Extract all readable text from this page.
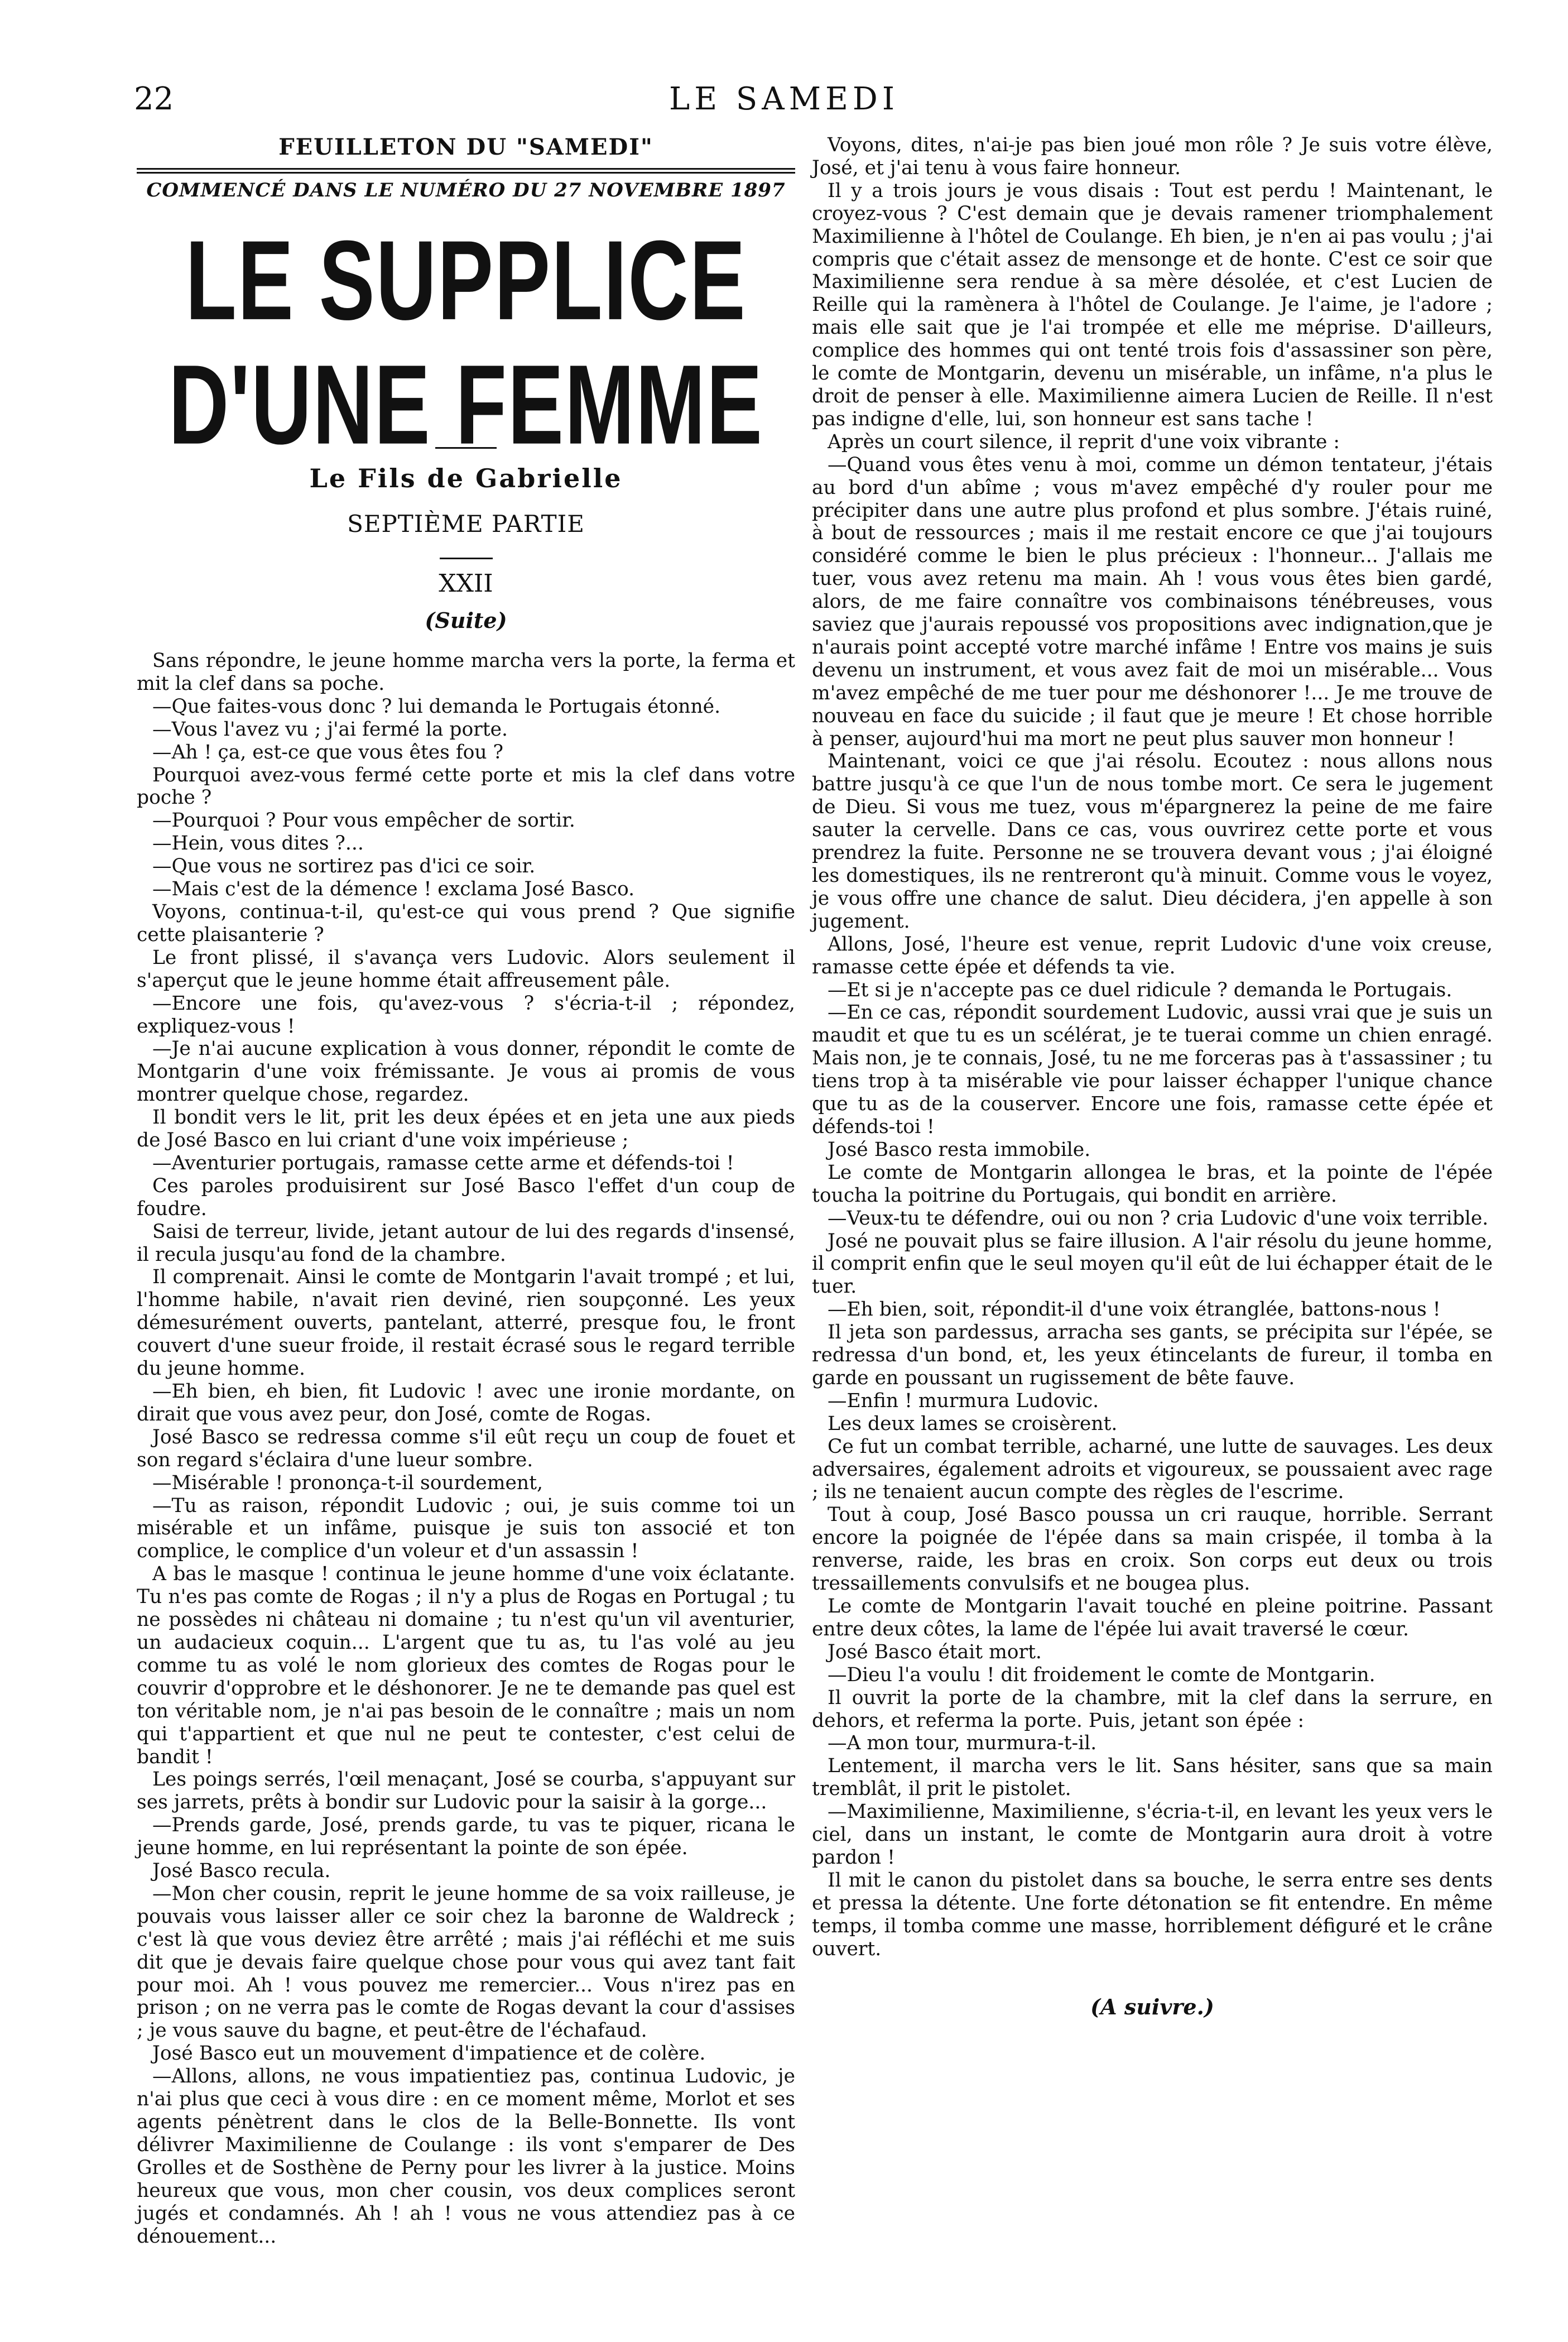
22	LE SAMEDI
FEUILLETON DU "SAMEDI"
COMMENCÉ DANS LE NUMÉRO DU 27 NOVEMBRE 1897
LE SUPPLICE D'UNE FEMME
Le Fils de Gabrielle
SEPTIÈME PARTIE
XXII
(Suite)

Sans répondre, le jeune homme marcha vers la porte, la ferma et mit la clef dans sa poche.

—Que faites-vous donc ? lui demanda le Portugais étonné.

—Vous l'avez vu ; j'ai fermé la porte.

—Ah ! ça, est-ce que vous êtes fou ?

Pourquoi avez-vous fermé cette porte et mis la clef dans votre poche ?

—Pourquoi ? Pour vous empêcher de sortir.

—Hein, vous dites ?...

—Que vous ne sortirez pas d'ici ce soir.

—Mais c'est de la démence ! exclama José Basco.

Voyons, continua-t-il, qu'est-ce qui vous prend ? Que signifie cette plaisanterie ?

Le front plissé, il s'avança vers Ludovic. Alors seulement il s'aperçut que le jeune homme était affreusement pâle.

—Encore une fois, qu'avez-vous ? s'écria-t-il ; répondez, expliquez-vous !

—Je n'ai aucune explication à vous donner, répondit le comte de Montgarin d'une voix frémissante. Je vous ai promis de vous montrer quelque chose, regardez.

Il bondit vers le lit, prit les deux épées et en jeta une aux pieds de José Basco en lui criant d'une voix impérieuse ;

—Aventurier portugais, ramasse cette arme et défends-toi !

Ces paroles produisirent sur José Basco l'effet d'un coup de foudre.

Saisi de terreur, livide, jetant autour de lui des regards d'insensé, il recula jusqu'au fond de la chambre.

Il comprenait. Ainsi le comte de Montgarin l'avait trompé ; et lui, l'homme habile, n'avait rien deviné, rien soupçonné. Les yeux démesurément ouverts, pantelant, atterré, presque fou, le front couvert d'une sueur froide, il restait écrasé sous le regard terrible du jeune homme.

—Eh bien, eh bien, fit Ludovic ! avec une ironie mordante, on dirait que vous avez peur, don José, comte de Rogas.

José Basco se redressa comme s'il eût reçu un coup de fouet et son regard s'éclaira d'une lueur sombre.

—Misérable ! prononça-t-il sourdement,

—Tu as raison, répondit Ludovic ; oui, je suis comme toi un misérable et un infâme, puisque je suis ton associé et ton complice, le complice d'un voleur et d'un assassin !

A bas le masque ! continua le jeune homme d'une voix éclatante. Tu n'es pas comte de Rogas ; il n'y a plus de Rogas en Portugal ; tu ne possèdes ni château ni domaine ; tu n'est qu'un vil aventurier, un audacieux coquin... L'argent que tu as, tu l'as volé au jeu comme tu as volé le nom glorieux des comtes de Rogas pour le couvrir d'opprobre et le déshonorer. Je ne te demande pas quel est ton véritable nom, je n'ai pas besoin de le connaître ; mais un nom qui t'appartient et que nul ne peut te contester, c'est celui de bandit !

Les poings serrés, l'œil menaçant, José se courba, s'appuyant sur ses jarrets, prêts à bondir sur Ludovic pour la saisir à la gorge...

—Prends garde, José, prends garde, tu vas te piquer, ricana le jeune homme, en lui représentant la pointe de son épée.

José Basco recula.

—Mon cher cousin, reprit le jeune homme de sa voix railleuse, je pouvais vous laisser aller ce soir chez la baronne de Waldreck ; c'est là que vous deviez être arrêté ; mais j'ai réfléchi et me suis dit que je devais faire quelque chose pour vous qui avez tant fait pour moi. Ah ! vous pouvez me remercier... Vous n'irez pas en prison ; on ne verra pas le comte de Rogas devant la cour d'assises ; je vous sauve du bagne, et peut-être de l'échafaud.

José Basco eut un mouvement d'impatience et de colère.

—Allons, allons, ne vous impatientiez pas, continua Ludovic, je n'ai plus que ceci à vous dire : en ce moment même, Morlot et ses agents pénètrent dans le clos de la Belle-Bonnette. Ils vont délivrer Maximilienne de Coulange : ils vont s'emparer de Des Grolles et de Sosthène de Perny pour les livrer à la justice. Moins heureux que vous, mon cher cousin, vos deux complices seront jugés et condamnés. Ah ! ah ! vous ne vous attendiez pas à ce dénouement...

Voyons, dites, n'ai-je pas bien joué mon rôle ? Je suis votre élève, José, et j'ai tenu à vous faire honneur.

Il y a trois jours je vous disais : Tout est perdu ! Maintenant, le croyez-vous ? C'est demain que je devais ramener triomphalement Maximilienne à l'hôtel de Coulange. Eh bien, je n'en ai pas voulu ; j'ai compris que c'était assez de mensonge et de honte. C'est ce soir que Maximilienne sera rendue à sa mère désolée, et c'est Lucien de Reille qui la ramènera à l'hôtel de Coulange. Je l'aime, je l'adore ; mais elle sait que je l'ai trompée et elle me méprise. D'ailleurs, complice des hommes qui ont tenté trois fois d'assassiner son père, le comte de Montgarin, devenu un misérable, un infâme, n'a plus le droit de penser à elle. Maximilienne aimera Lucien de Reille. Il n'est pas indigne d'elle, lui, son honneur est sans tache !

Après un court silence, il reprit d'une voix vibrante :

—Quand vous êtes venu à moi, comme un démon tentateur, j'étais au bord d'un abîme ; vous m'avez empêché d'y rouler pour me précipiter dans une autre plus profond et plus sombre. J'étais ruiné, à bout de ressources ; mais il me restait encore ce que j'ai toujours considéré comme le bien le plus précieux : l'honneur... J'allais me tuer, vous avez retenu ma main. Ah ! vous vous êtes bien gardé, alors, de me faire connaître vos combinaisons ténébreuses, vous saviez que j'aurais repoussé vos propositions avec indignation,que je n'aurais point accepté votre marché infâme ! Entre vos mains je suis devenu un instrument, et vous avez fait de moi un misérable... Vous m'avez empêché de me tuer pour me déshonorer !... Je me trouve de nouveau en face du suicide ; il faut que je meure ! Et chose horrible à penser, aujourd'hui ma mort ne peut plus sauver mon honneur !

Maintenant, voici ce que j'ai résolu. Ecoutez : nous allons nous battre jusqu'à ce que l'un de nous tombe mort. Ce sera le jugement de Dieu. Si vous me tuez, vous m'épargnerez la peine de me faire sauter la cervelle. Dans ce cas, vous ouvrirez cette porte et vous prendrez la fuite. Personne ne se trouvera devant vous ; j'ai éloigné les domestiques, ils ne rentreront qu'à minuit. Comme vous le voyez, je vous offre une chance de salut. Dieu décidera, j'en appelle à son jugement.

Allons, José, l'heure est venue, reprit Ludovic d'une voix creuse, ramasse cette épée et défends ta vie.

—Et si je n'accepte pas ce duel ridicule ? demanda le Portugais.

—En ce cas, répondit sourdement Ludovic, aussi vrai que je suis un maudit et que tu es un scélérat, je te tuerai comme un chien enragé. Mais non, je te connais, José, tu ne me forceras pas à t'assassiner ; tu tiens trop à ta misérable vie pour laisser échapper l'unique chance que tu as de la couserver. Encore une fois, ramasse cette épée et défends-toi !

José Basco resta immobile.

Le comte de Montgarin allongea le bras, et la pointe de l'épée toucha la poitrine du Portugais, qui bondit en arrière.

—Veux-tu te défendre, oui ou non ? cria Ludovic d'une voix terrible.

José ne pouvait plus se faire illusion. A l'air résolu du jeune homme, il comprit enfin que le seul moyen qu'il eût de lui échapper était de le tuer.

—Eh bien, soit, répondit-il d'une voix étranglée, battons-nous !

Il jeta son pardessus, arracha ses gants, se précipita sur l'épée, se redressa d'un bond, et, les yeux étincelants de fureur, il tomba en garde en poussant un rugissement de bête fauve.

—Enfin ! murmura Ludovic.

Les deux lames se croisèrent.

Ce fut un combat terrible, acharné, une lutte de sauvages. Les deux adversaires, également adroits et vigoureux, se poussaient avec rage ; ils ne tenaient aucun compte des règles de l'escrime.

Tout à coup, José Basco poussa un cri rauque, horrible. Serrant encore la poignée de l'épée dans sa main crispée, il tomba à la renverse, raide, les bras en croix. Son corps eut deux ou trois tressaillements convulsifs et ne bougea plus.

Le comte de Montgarin l'avait touché en pleine poitrine. Passant entre deux côtes, la lame de l'épée lui avait traversé le cœur.

José Basco était mort.

—Dieu l'a voulu ! dit froidement le comte de Montgarin.

Il ouvrit la porte de la chambre, mit la clef dans la serrure, en dehors, et referma la porte. Puis, jetant son épée :

—A mon tour, murmura-t-il.

Lentement, il marcha vers le lit. Sans hésiter, sans que sa main tremblât, il prit le pistolet.

—Maximilienne, Maximilienne, s'écria-t-il, en levant les yeux vers le ciel, dans un instant, le comte de Montgarin aura droit à votre pardon !

Il mit le canon du pistolet dans sa bouche, le serra entre ses dents et pressa la détente. Une forte détonation se fit entendre. En même temps, il tomba comme une masse, horriblement défiguré et le crâne ouvert.

(A suivre.)
